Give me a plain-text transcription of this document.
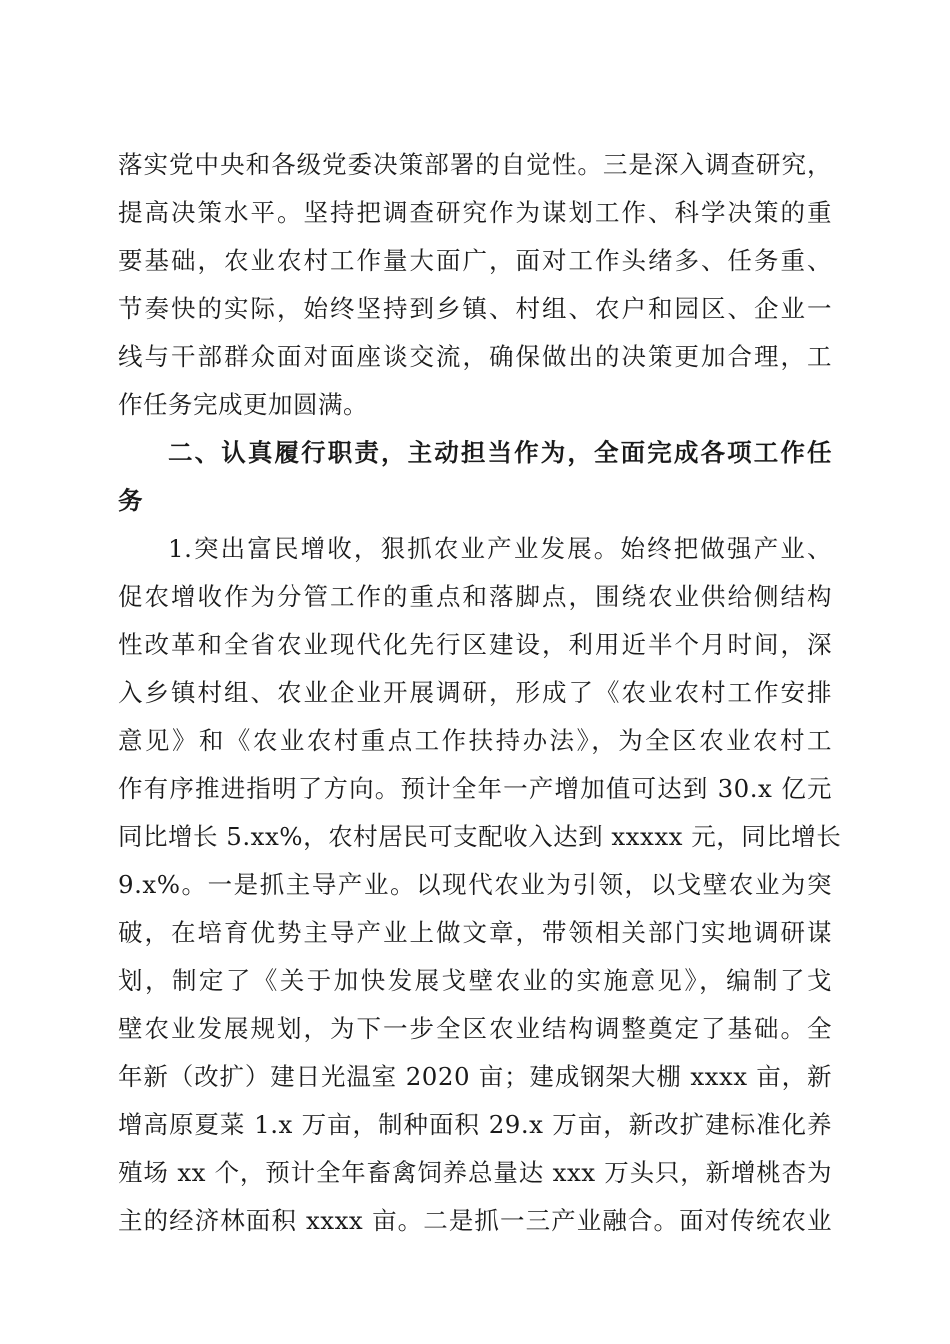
落实党中央和各级党委决策部署的自觉性。三是深入调查研究，
提高决策水平。坚持把调查研究作为谋划工作、科学决策的重
要基础，农业农村工作量大面广，面对工作头绪多、任务重、
节奏快的实际，始终坚持到乡镇、村组、农户和园区、企业一
线与干部群众面对面座谈交流，确保做出的决策更加合理，工
作任务完成更加圆满。
二、认真履行职责，主动担当作为，全面完成各项工作任
务
1.突出富民增收，狠抓农业产业发展。始终把做强产业、
促农增收作为分管工作的重点和落脚点，围绕农业供给侧结构
性改革和全省农业现代化先行区建设，利用近半个月时间，深
入乡镇村组、农业企业开展调研，形成了《农业农村工作安排
意见》和《农业农村重点工作扶持办法》，为全区农业农村工
作有序推进指明了方向。预计全年一产增加值可达到 30.x 亿元
同比增长 5.xx%，农村居民可支配收入达到 xxxxx 元，同比增长
9.x%。一是抓主导产业。以现代农业为引领，以戈壁农业为突
破，在培育优势主导产业上做文章，带领相关部门实地调研谋
划，制定了《关于加快发展戈壁农业的实施意见》，编制了戈
壁农业发展规划，为下一步全区农业结构调整奠定了基础。全
年新（改扩）建日光温室 2020 亩；建成钢架大棚 xxxx 亩，新
增高原夏菜 1.x 万亩，制种面积 29.x 万亩，新改扩建标准化养
殖场 xx 个，预计全年畜禽饲养总量达 xxx 万头只，新增桃杏为
主的经济林面积 xxxx 亩。二是抓一三产业融合。面对传统农业
